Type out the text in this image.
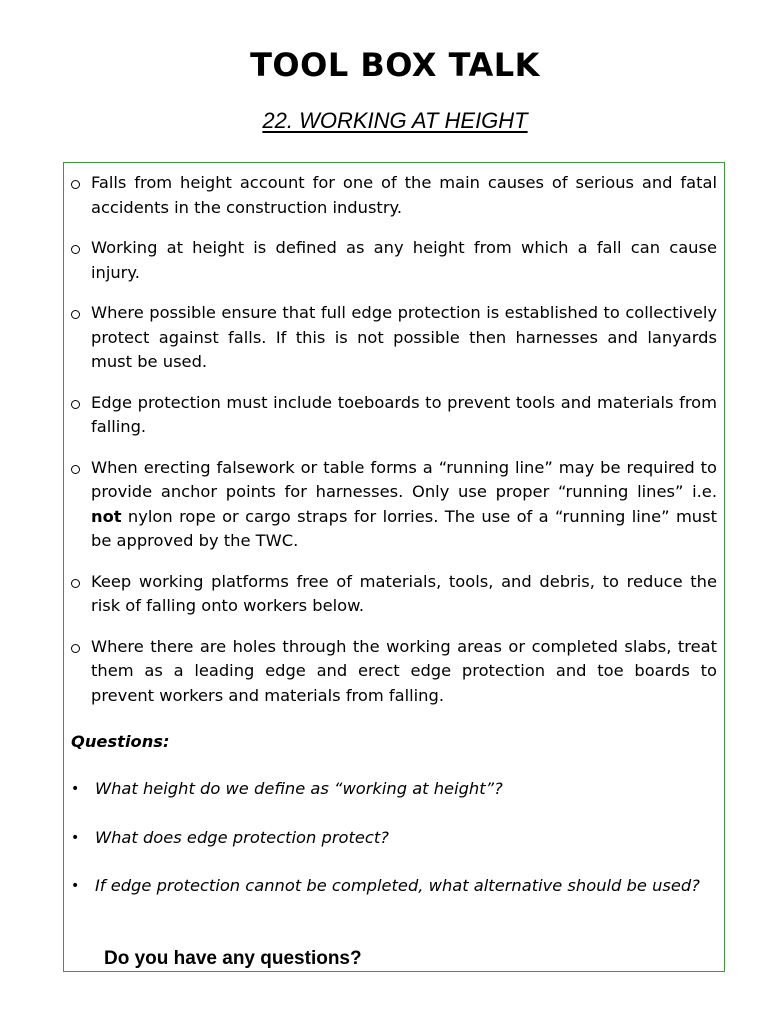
TOOL BOX TALK
22. WORKING AT HEIGHT
Falls from height account for one of the main causes of serious and fatal accidents in the construction industry.
Working at height is defined as any height from which a fall can cause injury.
Where possible ensure that full edge protection is established to collectively protect against falls. If this is not possible then harnesses and lanyards must be used.
Edge protection must include toeboards to prevent tools and materials from falling.
When erecting falsework or table forms a “running line” may be required to provide anchor points for harnesses. Only use proper “running lines” i.e. not nylon rope or cargo straps for lorries. The use of a “running line” must be approved by the TWC.
Keep working platforms free of materials, tools, and debris, to reduce the risk of falling onto workers below.
Where there are holes through the working areas or completed slabs, treat them as a leading edge and erect edge protection and toe boards to prevent workers and materials from falling.
Questions:
• What height do we define as “working at height”?
• What does edge protection protect?
• If edge protection cannot be completed, what alternative should be used?
Do you have any questions?
